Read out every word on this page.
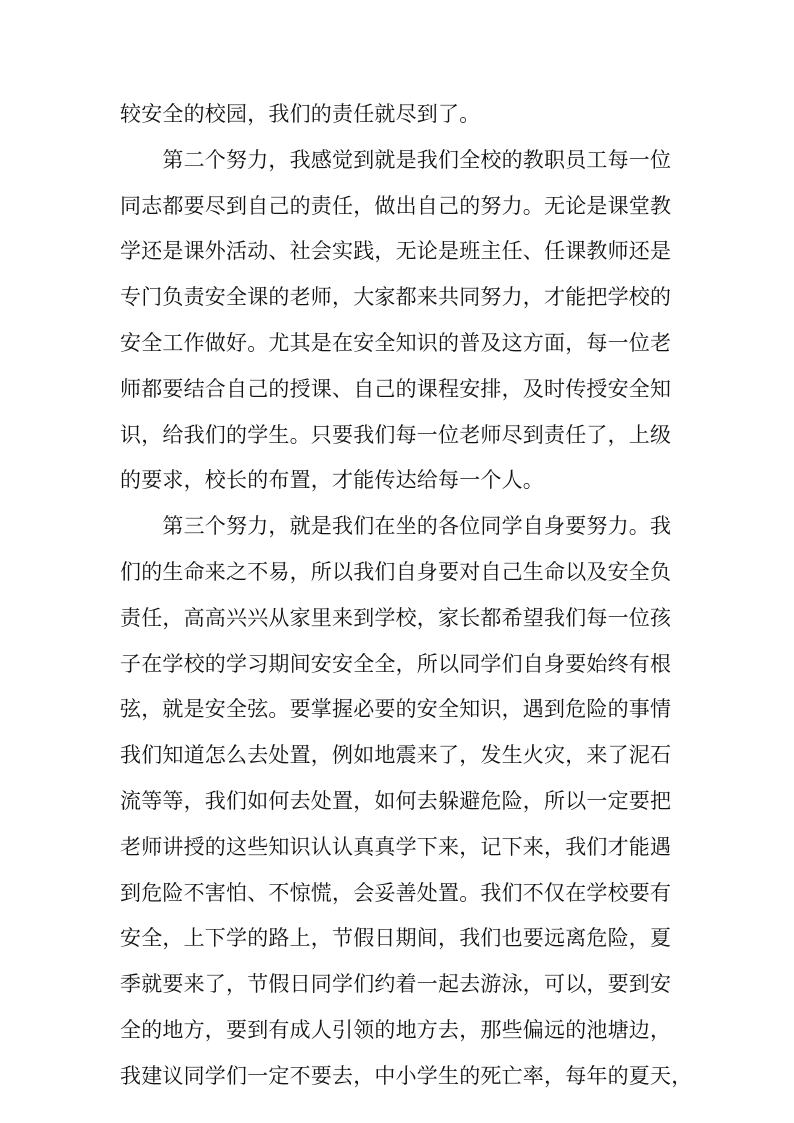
较安全的校园，我们的责任就尽到了。
　　第二个努力，我感觉到就是我们全校的教职员工每一位
同志都要尽到自己的责任，做出自己的努力。无论是课堂教
学还是课外活动、社会实践，无论是班主任、任课教师还是
专门负责安全课的老师，大家都来共同努力，才能把学校的
安全工作做好。尤其是在安全知识的普及这方面，每一位老
师都要结合自己的授课、自己的课程安排，及时传授安全知
识，给我们的学生。只要我们每一位老师尽到责任了，上级
的要求，校长的布置，才能传达给每一个人。
　　第三个努力，就是我们在坐的各位同学自身要努力。我
们的生命来之不易，所以我们自身要对自己生命以及安全负
责任，高高兴兴从家里来到学校，家长都希望我们每一位孩
子在学校的学习期间安安全全，所以同学们自身要始终有根
弦，就是安全弦。要掌握必要的安全知识，遇到危险的事情
我们知道怎么去处置，例如地震来了，发生火灾，来了泥石
流等等，我们如何去处置，如何去躲避危险，所以一定要把
老师讲授的这些知识认认真真学下来，记下来，我们才能遇
到危险不害怕、不惊慌，会妥善处置。我们不仅在学校要有
安全，上下学的路上，节假日期间，我们也要远离危险，夏
季就要来了，节假日同学们约着一起去游泳，可以，要到安
全的地方，要到有成人引领的地方去，那些偏远的池塘边，
我建议同学们一定不要去，中小学生的死亡率，每年的夏天，
